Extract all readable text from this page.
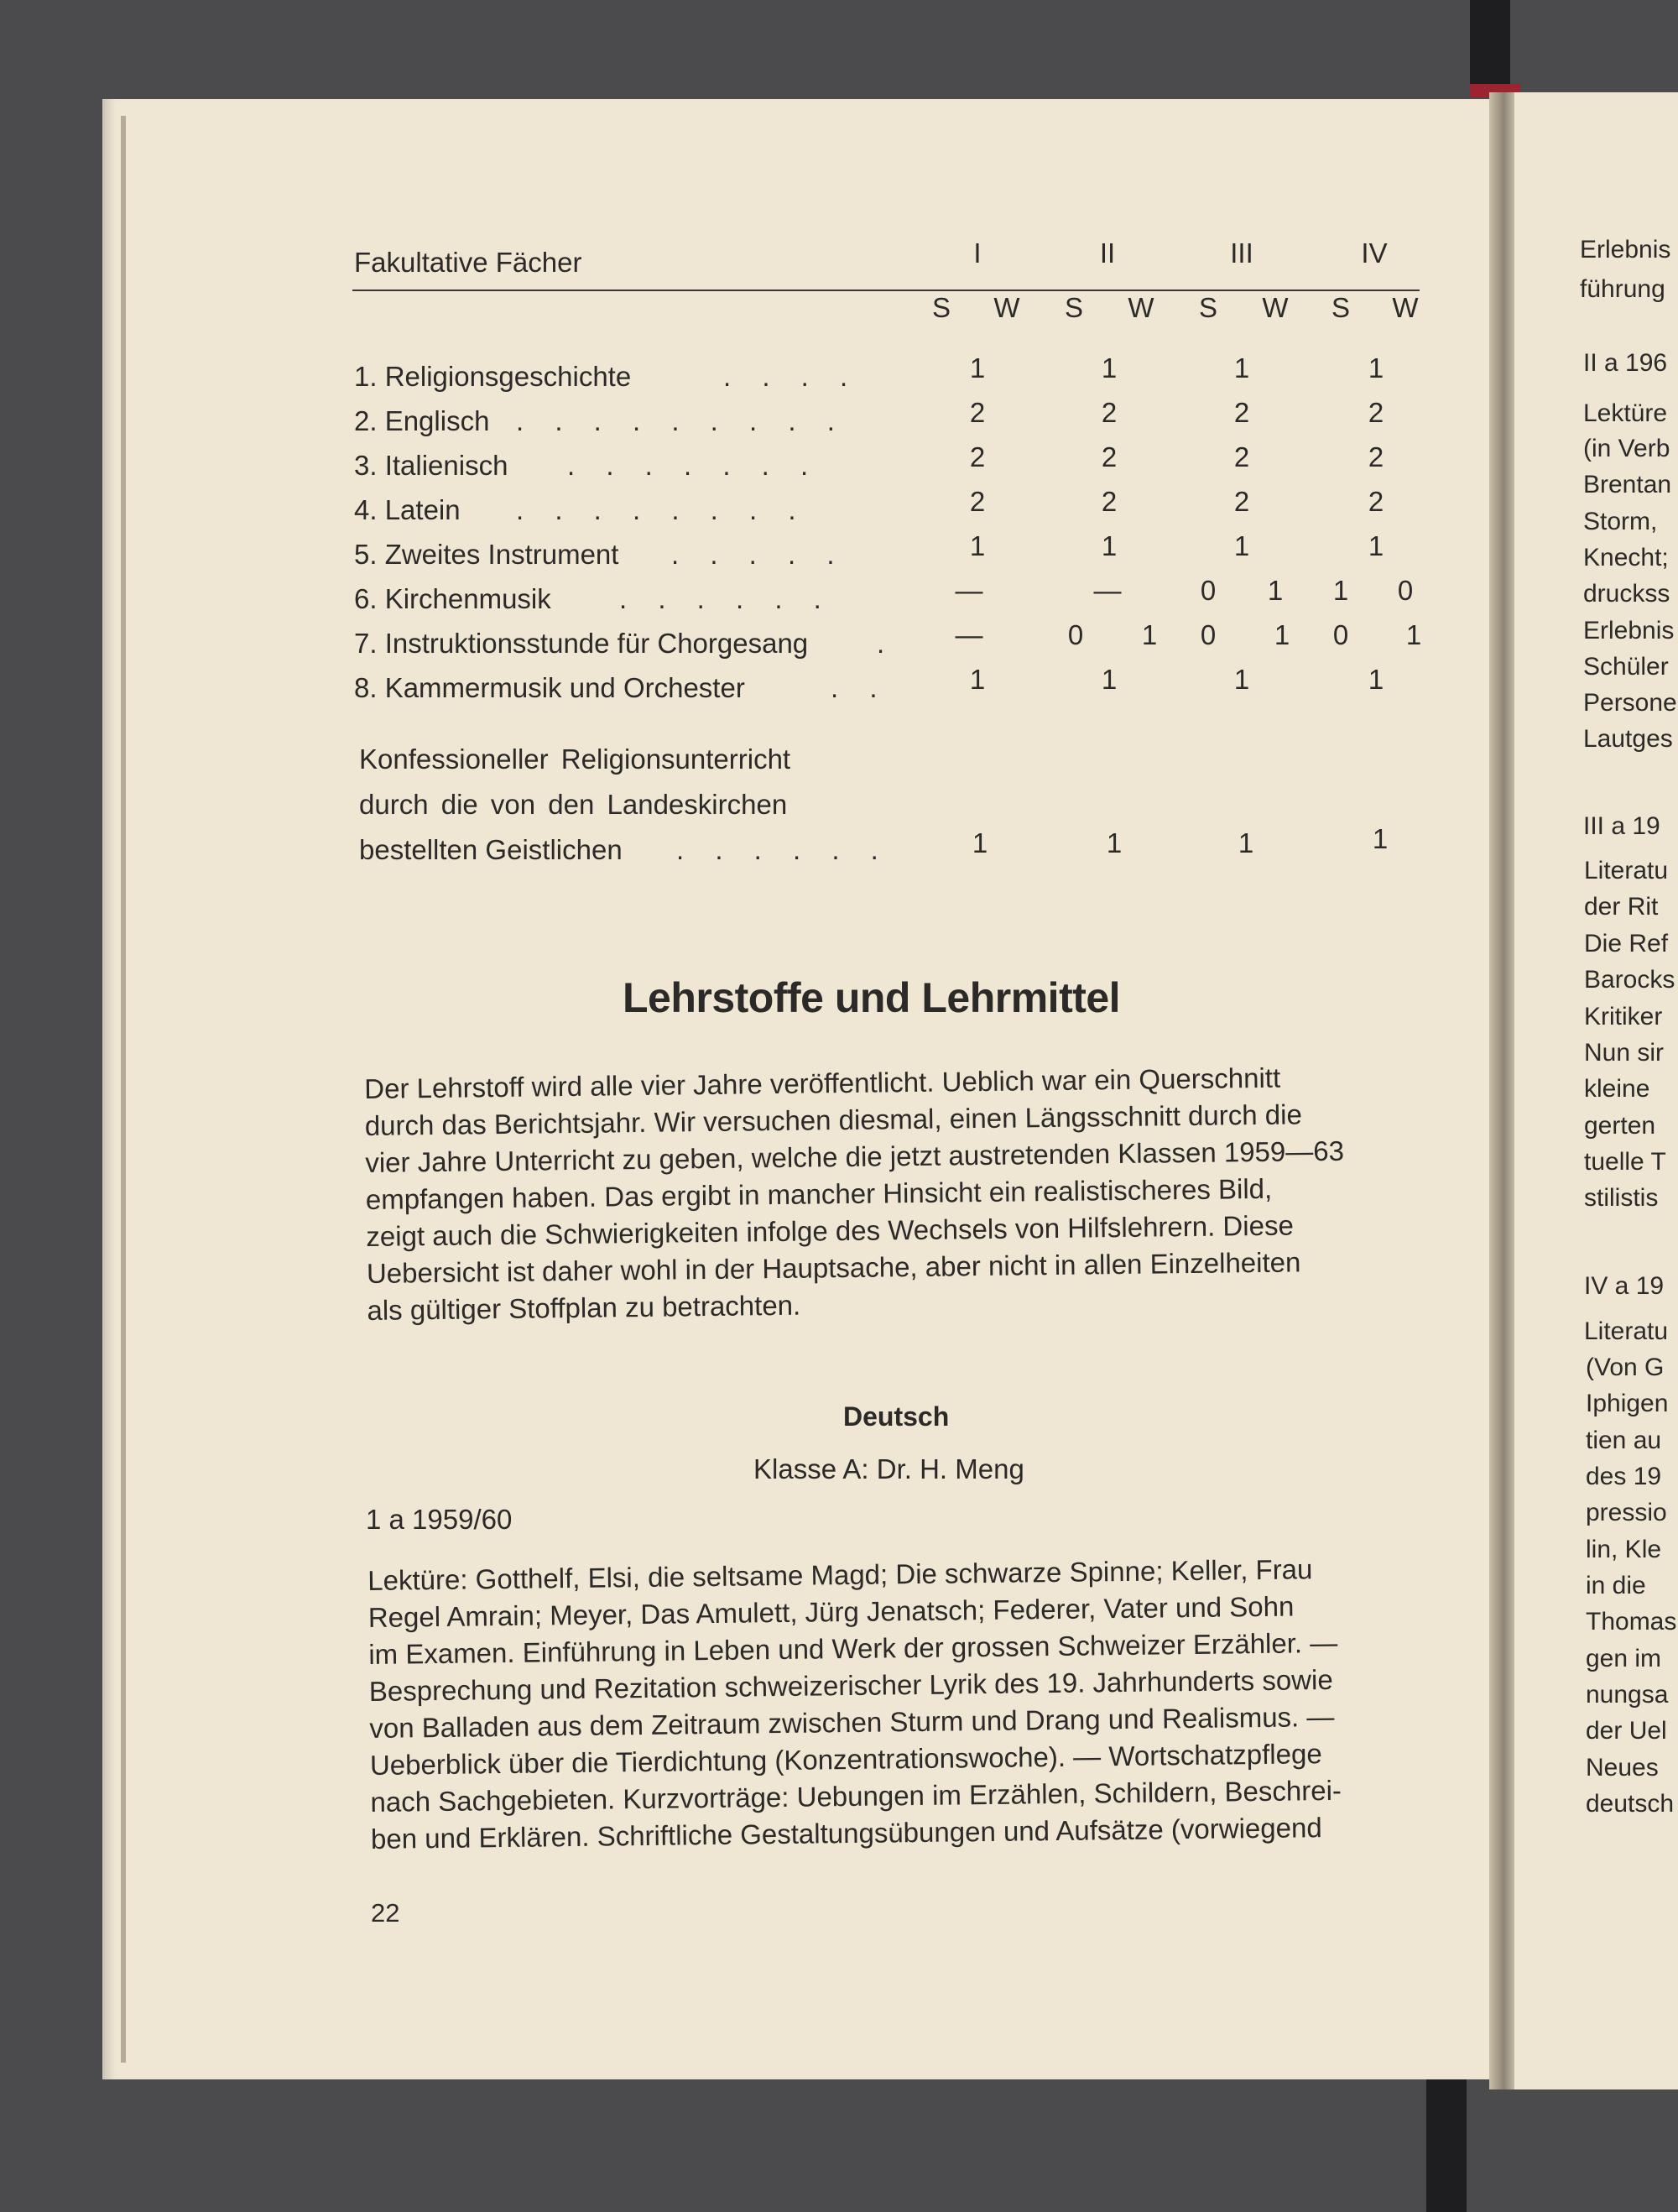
Fakultative Fächer	I	II	III	IV
S W S W S W S W
1. Religionsgeschichte	. . . .	1	1	1	1
2. Englisch . . . . . . . . .	2	2	2	2
3. Italienisch . . . . . . .	2	2	2	2
4. Latein . . . . . . . .	2	2	2	2
5. Zweites Instrument . . . . .	1	1	1	1
6. Kirchenmusik . . . . . .	—	—	0	1	1	0
7. Instruktionsstunde für Chorgesang . —	0	1	0	1	0	1
8. Kammermusik und Orchester	. .	1	1	1	1
Konfessioneller Religionsunterricht
durch die von den Landeskirchen
bestellten Geistlichen . . . . . .	1	1	1	1
Lehrstoffe und Lehrmittel
Der Lehrstoff wird alle vier Jahre veröffentlicht. Ueblich war ein Querschnitt
durch das Berichtsjahr. Wir versuchen diesmal, einen Längsschnitt durch die
vier Jahre Unterricht zu geben, welche die jetzt austretenden Klassen 1959—63
empfangen haben. Das ergibt in mancher Hinsicht ein realistischeres Bild,
zeigt auch die Schwierigkeiten infolge des Wechsels von Hilfslehrern. Diese
Uebersicht ist daher wohl in der Hauptsache, aber nicht in allen Einzelheiten
als gültiger Stoffplan zu betrachten.
Deutsch
Klasse A: Dr. H. Meng
1 a 1959/60
Lektüre: Gotthelf, Elsi, die seltsame Magd; Die schwarze Spinne; Keller, Frau
Regel Amrain; Meyer, Das Amulett, Jürg Jenatsch; Federer, Vater und Sohn
im Examen. Einführung in Leben und Werk der grossen Schweizer Erzähler. —
Besprechung und Rezitation schweizerischer Lyrik des 19. Jahrhunderts sowie
von Balladen aus dem Zeitraum zwischen Sturm und Drang und Realismus. —
Ueberblick über die Tierdichtung (Konzentrationswoche). — Wortschatzpflege
nach Sachgebieten. Kurzvorträge: Uebungen im Erzählen, Schildern, Beschrei-
ben und Erklären. Schriftliche Gestaltungsübungen und Aufsätze (vorwiegend
22
Erlebnis
führung
II a 196
Lektüre
(in Verb
Brentan
Storm,
Knecht;
druckss
Erlebnis
Schüler
Persone
Lautges
III a 19
Literatu
der Rit
Die Ref
Barocks
Kritiker
Nun sir
kleine
gerten
tuelle T
stilistis
IV a 19
Literatu
(Von G
Iphigen
tien au
des 19
pressio
lin, Kle
in die
Thomas
gen im
nungsa
der Uel
Neues
deutsch
